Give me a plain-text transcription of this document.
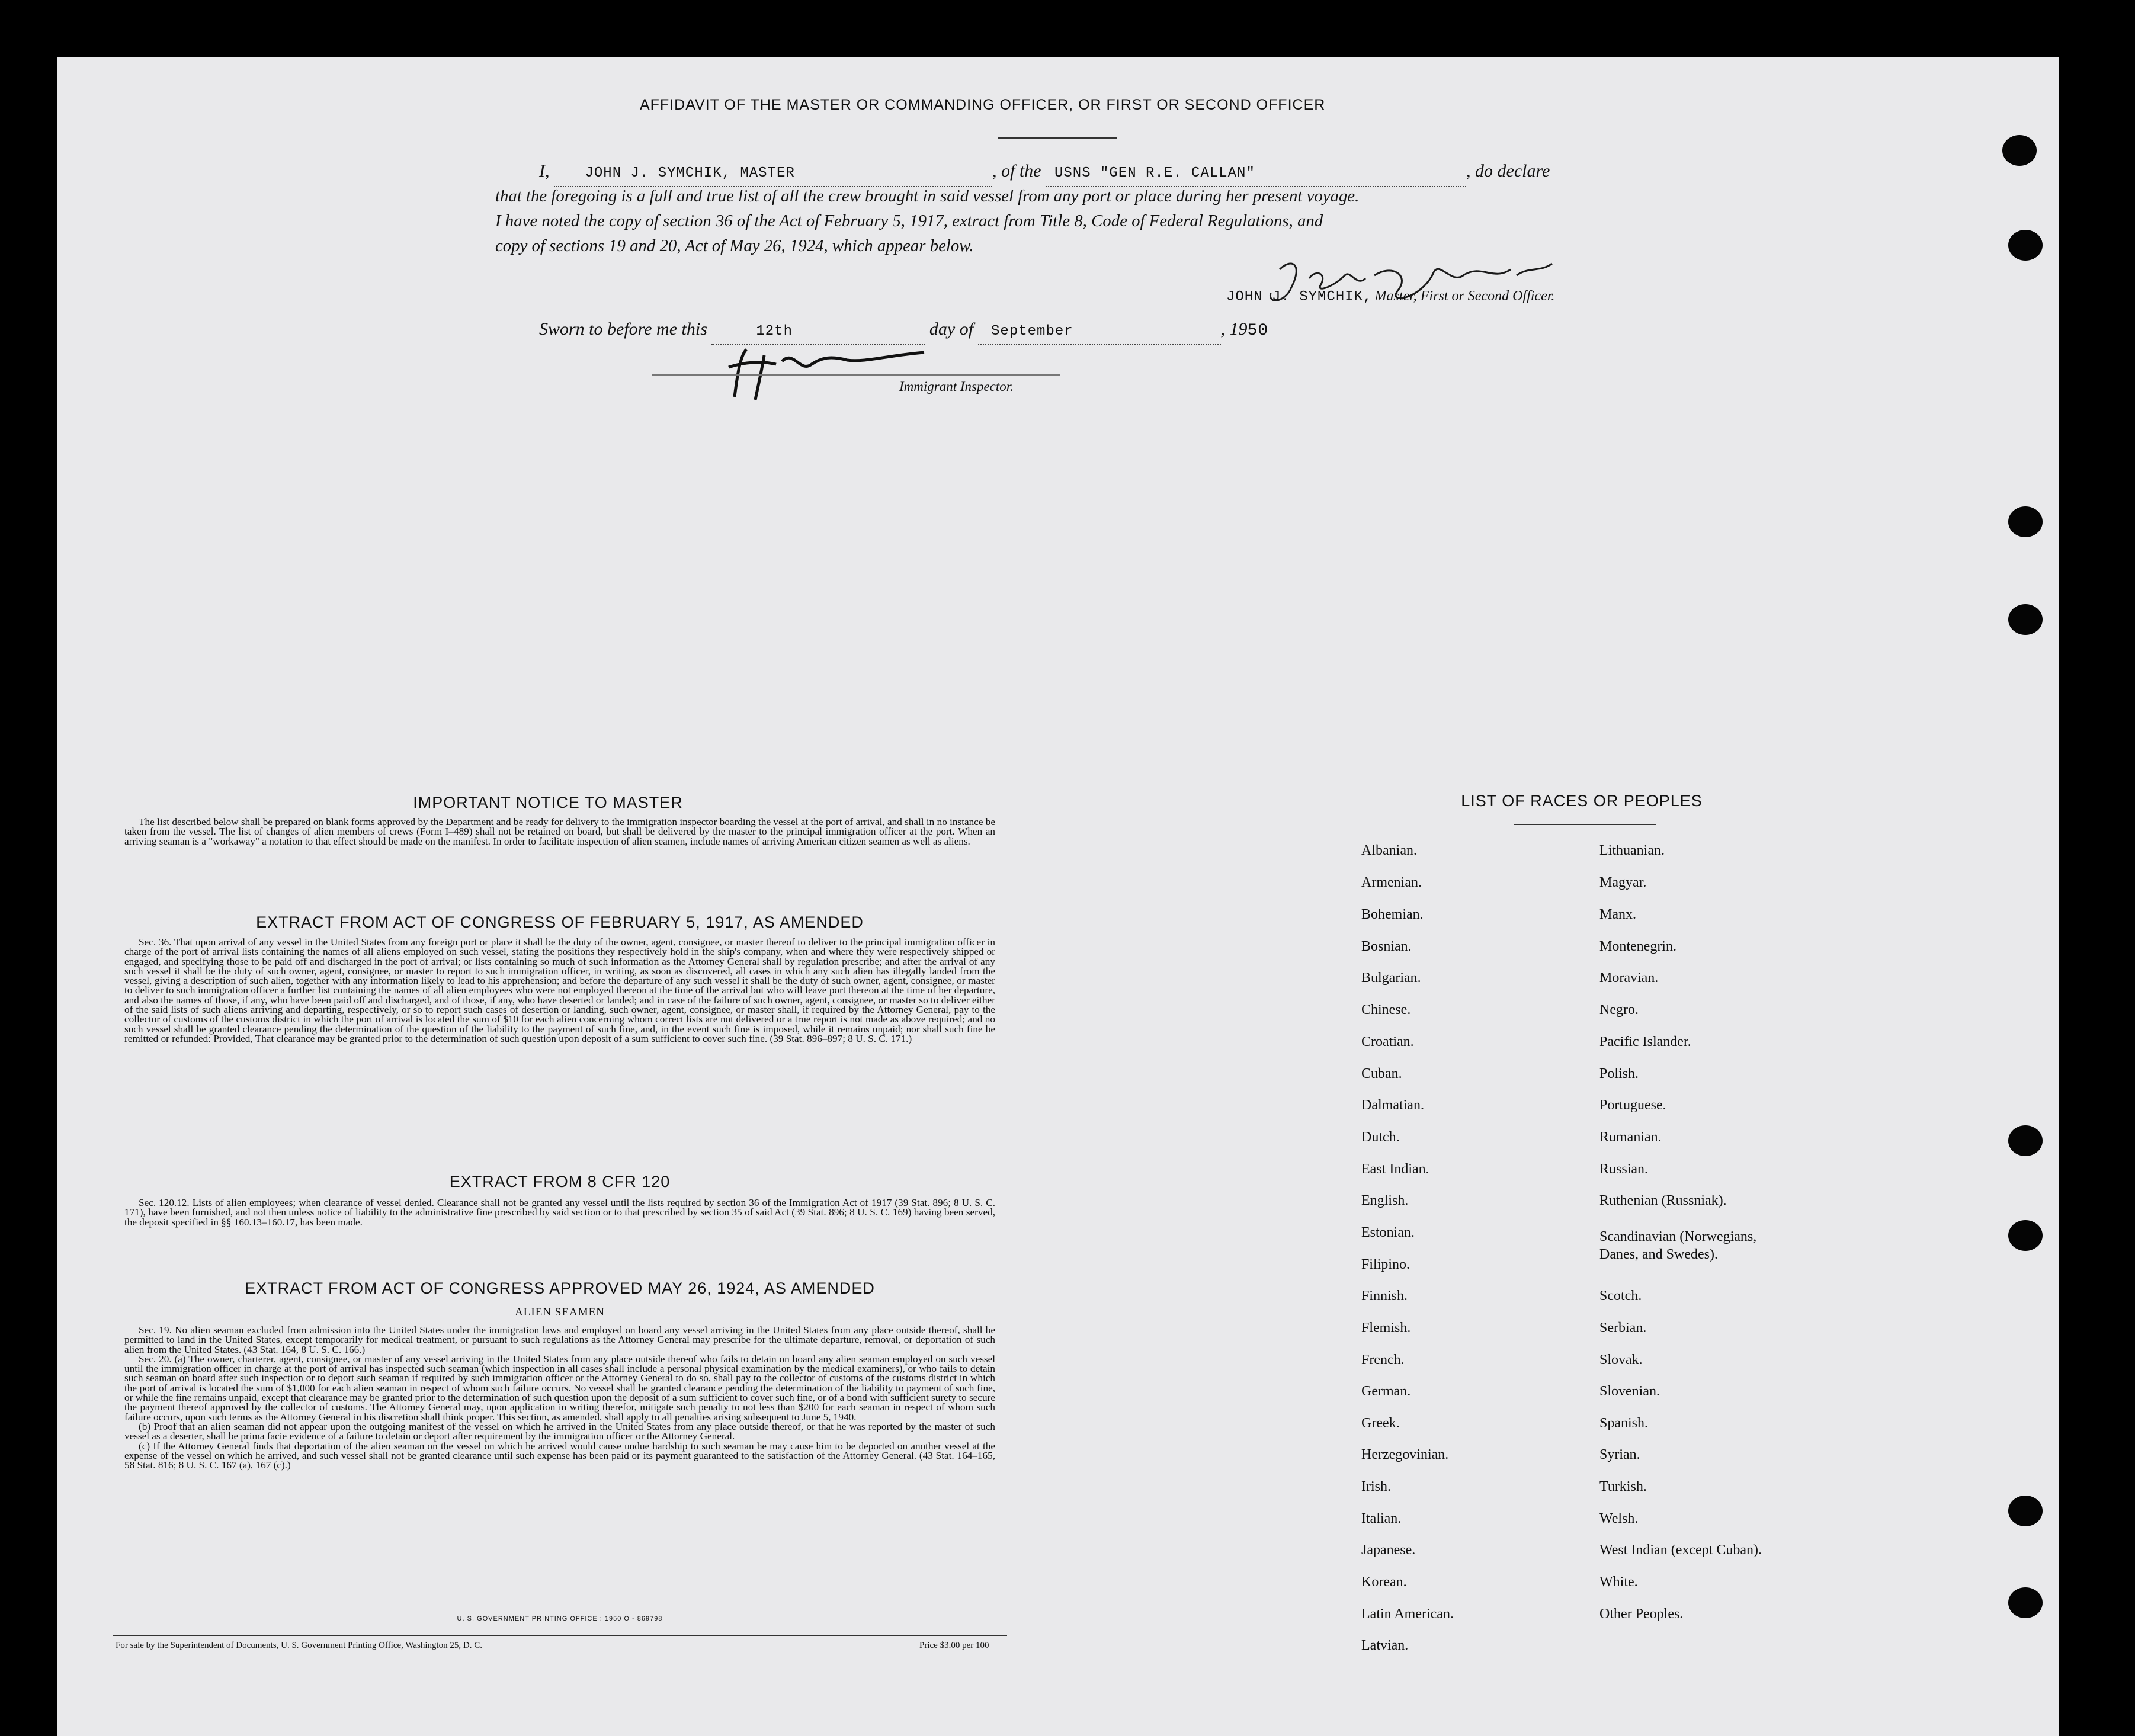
AFFIDAVIT OF THE MASTER OR COMMANDING OFFICER, OR FIRST OR SECOND OFFICER
I,	JOHN J. SYMCHIK, MASTER	, of the USNS "GEN R.E. CALLAN"	, do declare
that the foregoing is a full and true list of all the crew brought in said vessel from any port or place during her present voyage.
I have noted the copy of section 36 of the Act of February 5, 1917, extract from Title 8, Code of Federal Regulations, and
copy of sections 19 and 20, Act of May 26, 1924, which appear below.
JOHN J. SYMCHIK, Master, First or Second Officer.
Sworn to before me this	12th	day of September	, 1950
Immigrant Inspector.
IMPORTANT NOTICE TO MASTER

The list described below shall be prepared on blank forms approved by the Department and be ready for delivery to the immigration inspector boarding the vessel at the port of arrival, and shall in no instance be taken from the vessel. The list of changes of alien members of crews (Form I–489) shall not be retained on board, but shall be delivered by the master to the principal immigration officer at the port. When an arriving seaman is a "workaway" a notation to that effect should be made on the manifest. In order to facilitate inspection of alien seamen, include names of arriving American citizen seamen as well as aliens.

EXTRACT FROM ACT OF CONGRESS OF FEBRUARY 5, 1917, AS AMENDED

Sec. 36. That upon arrival of any vessel in the United States from any foreign port or place it shall be the duty of the owner, agent, consignee, or master thereof to deliver to the principal immigration officer in charge of the port of arrival lists containing the names of all aliens employed on such vessel, stating the positions they respectively hold in the ship's company, when and where they were respectively shipped or engaged, and specifying those to be paid off and discharged in the port of arrival; or lists containing so much of such information as the Attorney General shall by regulation prescribe; and after the arrival of any such vessel it shall be the duty of such owner, agent, consignee, or master to report to such immigration officer, in writing, as soon as discovered, all cases in which any such alien has illegally landed from the vessel, giving a description of such alien, together with any information likely to lead to his apprehension; and before the departure of any such vessel it shall be the duty of such owner, agent, consignee, or master to deliver to such immigration officer a further list containing the names of all alien employees who were not employed thereon at the time of the arrival but who will leave port thereon at the time of her departure, and also the names of those, if any, who have been paid off and discharged, and of those, if any, who have deserted or landed; and in case of the failure of such owner, agent, consignee, or master so to deliver either of the said lists of such aliens arriving and departing, respectively, or so to report such cases of desertion or landing, such owner, agent, consignee, or master shall, if required by the Attorney General, pay to the collector of customs of the customs district in which the port of arrival is located the sum of $10 for each alien concerning whom correct lists are not delivered or a true report is not made as above required; and no such vessel shall be granted clearance pending the determination of the question of the liability to the payment of such fine, and, in the event such fine is imposed, while it remains unpaid; nor shall such fine be remitted or refunded: Provided, That clearance may be granted prior to the determination of such question upon deposit of a sum sufficient to cover such fine. (39 Stat. 896–897; 8 U. S. C. 171.)

EXTRACT FROM 8 CFR 120

Sec. 120.12. Lists of alien employees; when clearance of vessel denied. Clearance shall not be granted any vessel until the lists required by section 36 of the Immigration Act of 1917 (39 Stat. 896; 8 U. S. C. 171), have been furnished, and not then unless notice of liability to the administrative fine prescribed by said section or to that prescribed by section 35 of said Act (39 Stat. 896; 8 U. S. C. 169) having been served, the deposit specified in §§ 160.13–160.17, has been made.

EXTRACT FROM ACT OF CONGRESS APPROVED MAY 26, 1924, AS AMENDED
ALIEN SEAMEN

Sec. 19. No alien seaman excluded from admission into the United States under the immigration laws and employed on board any vessel arriving in the United States from any place outside thereof, shall be permitted to land in the United States, except temporarily for medical treatment, or pursuant to such regulations as the Attorney General may prescribe for the ultimate departure, removal, or deportation of such alien from the United States. (43 Stat. 164, 8 U. S. C. 166.)

Sec. 20. (a) The owner, charterer, agent, consignee, or master of any vessel arriving in the United States from any place outside thereof who fails to detain on board any alien seaman employed on such vessel until the immigration officer in charge at the port of arrival has inspected such seaman (which inspection in all cases shall include a personal physical examination by the medical examiners), or who fails to detain such seaman on board after such inspection or to deport such seaman if required by such immigration officer or the Attorney General to do so, shall pay to the collector of customs of the customs district in which the port of arrival is located the sum of $1,000 for each alien seaman in respect of whom such failure occurs. No vessel shall be granted clearance pending the determination of the liability to payment of such fine, or while the fine remains unpaid, except that clearance may be granted prior to the determination of such question upon the deposit of a sum sufficient to cover such fine, or of a bond with sufficient surety to secure the payment thereof approved by the collector of customs. The Attorney General may, upon application in writing therefor, mitigate such penalty to not less than $200 for each seaman in respect of whom such failure occurs, upon such terms as the Attorney General in his discretion shall think proper. This section, as amended, shall apply to all penalties arising subsequent to June 5, 1940.

(b) Proof that an alien seaman did not appear upon the outgoing manifest of the vessel on which he arrived in the United States from any place outside thereof, or that he was reported by the master of such vessel as a deserter, shall be prima facie evidence of a failure to detain or deport after requirement by the immigration officer or the Attorney General.

(c) If the Attorney General finds that deportation of the alien seaman on the vessel on which he arrived would cause undue hardship to such seaman he may cause him to be deported on another vessel at the expense of the vessel on which he arrived, and such vessel shall not be granted clearance until such expense has been paid or its payment guaranteed to the satisfaction of the Attorney General. (43 Stat. 164–165, 58 Stat. 816; 8 U. S. C. 167 (a), 167 (c).)

U. S. GOVERNMENT PRINTING OFFICE : 1950 O - 869798
For sale by the Superintendent of Documents, U. S. Government Printing Office, Washington 25, D. C.	Price $3.00 per 100
LIST OF RACES OR PEOPLES
Albanian.
Armenian.
Bohemian.
Bosnian.
Bulgarian.
Chinese.
Croatian.
Cuban.
Dalmatian.
Dutch.
East Indian.
English.
Estonian.
Filipino.
Finnish.
Flemish.
French.
German.
Greek.
Herzegovinian.
Irish.
Italian.
Japanese.
Korean.
Latin American.
Latvian.
Lithuanian.
Magyar.
Manx.
Montenegrin.
Moravian.
Negro.
Pacific Islander.
Polish.
Portuguese.
Rumanian.
Russian.
Ruthenian (Russniak).
Scandinavian (Norwegians,
Danes, and Swedes).
Scotch.
Serbian.
Slovak.
Slovenian.
Spanish.
Syrian.
Turkish.
Welsh.
West Indian (except Cuban).
White.
Other Peoples.
